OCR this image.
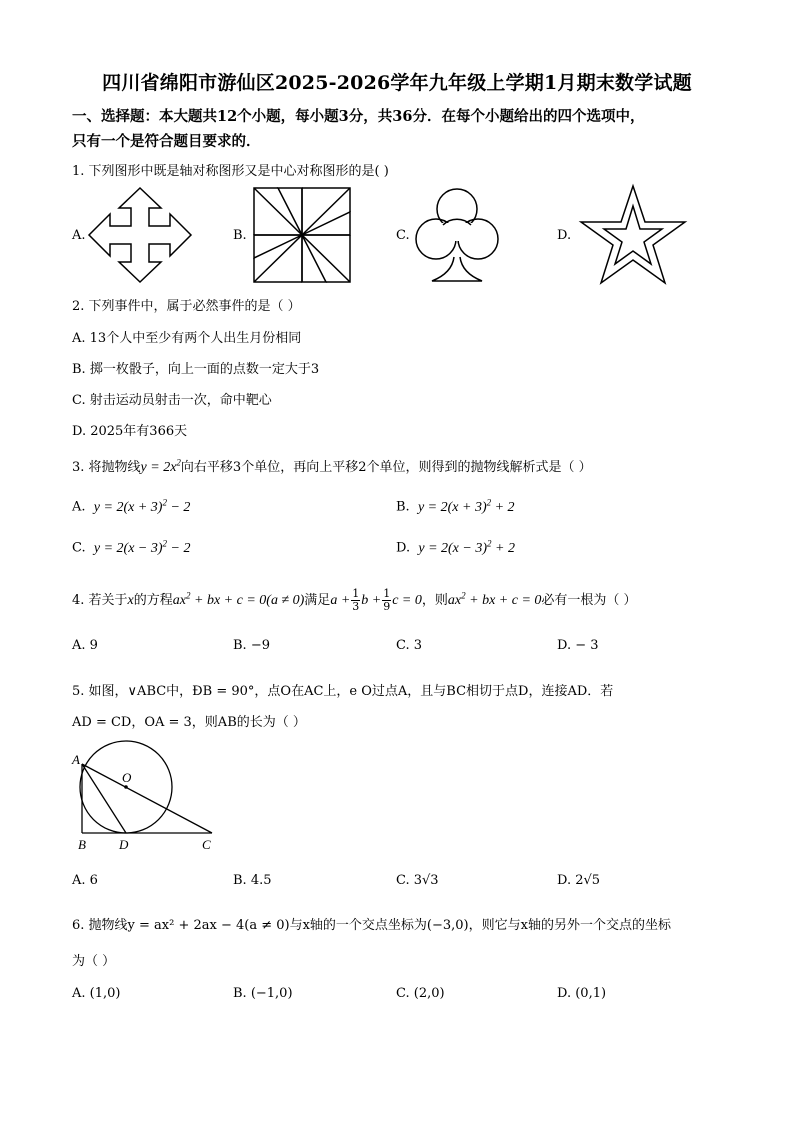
四川省绵阳市游仙区2025-2026学年九年级上学期1月期末数学试题
一、选择题：本大题共12个小题，每小题3分，共36分．在每个小题给出的四个选项中，
只有一个是符合题目要求的．
1. 下列图形中既是轴对称图形又是中心对称图形的是( )
A.	B.	C.	D.
2. 下列事件中，属于必然事件的是（ ）
A. 13个人中至少有两个人出生月份相同
B. 掷一枚骰子，向上一面的点数一定大于3
C. 射击运动员射击一次，命中靶心
D. 2025年有366天
3. 将抛物线$y = 2x^2$向右平移3个单位，再向上平移2个单位，则得到的抛物线解析式是（ ）
A. $y = 2(x + 3)^2 - 2$	B. $y = 2(x + 3)^2 + 2$
C. $y = 2(x - 3)^2 - 2$	D. $y = 2(x - 3)^2 + 2$
4. 若关于x的方程$ax^2$ + bx + c = 0(a ≠ 0)满足$a + \frac{1}{3}$ $b + \frac{1}{9}$ c = 0，则$ax^2$ + bx + c = 0必有一根为（ ）
A. 9	B. −9	C. 3	D. − 3
5. 如图，∨ABC中，ÐB = 90°，点O在AC上，e O过点A，且与BC相切于点D，连接AD．若
AD = CD，OA = 3，则AB的长为（ ）
A
O
B	D	C
A. 6	B. 4.5	C. 3√3	D. 2√5
6. 抛物线y = ax² + 2ax − 4(a ≠ 0)与x轴的一个交点坐标为(−3,0)，则它与x轴的另外一个交点的坐标
为（ ）
A. (1,0)	B. (−1,0)	C. (2,0)	D. (0,1)
